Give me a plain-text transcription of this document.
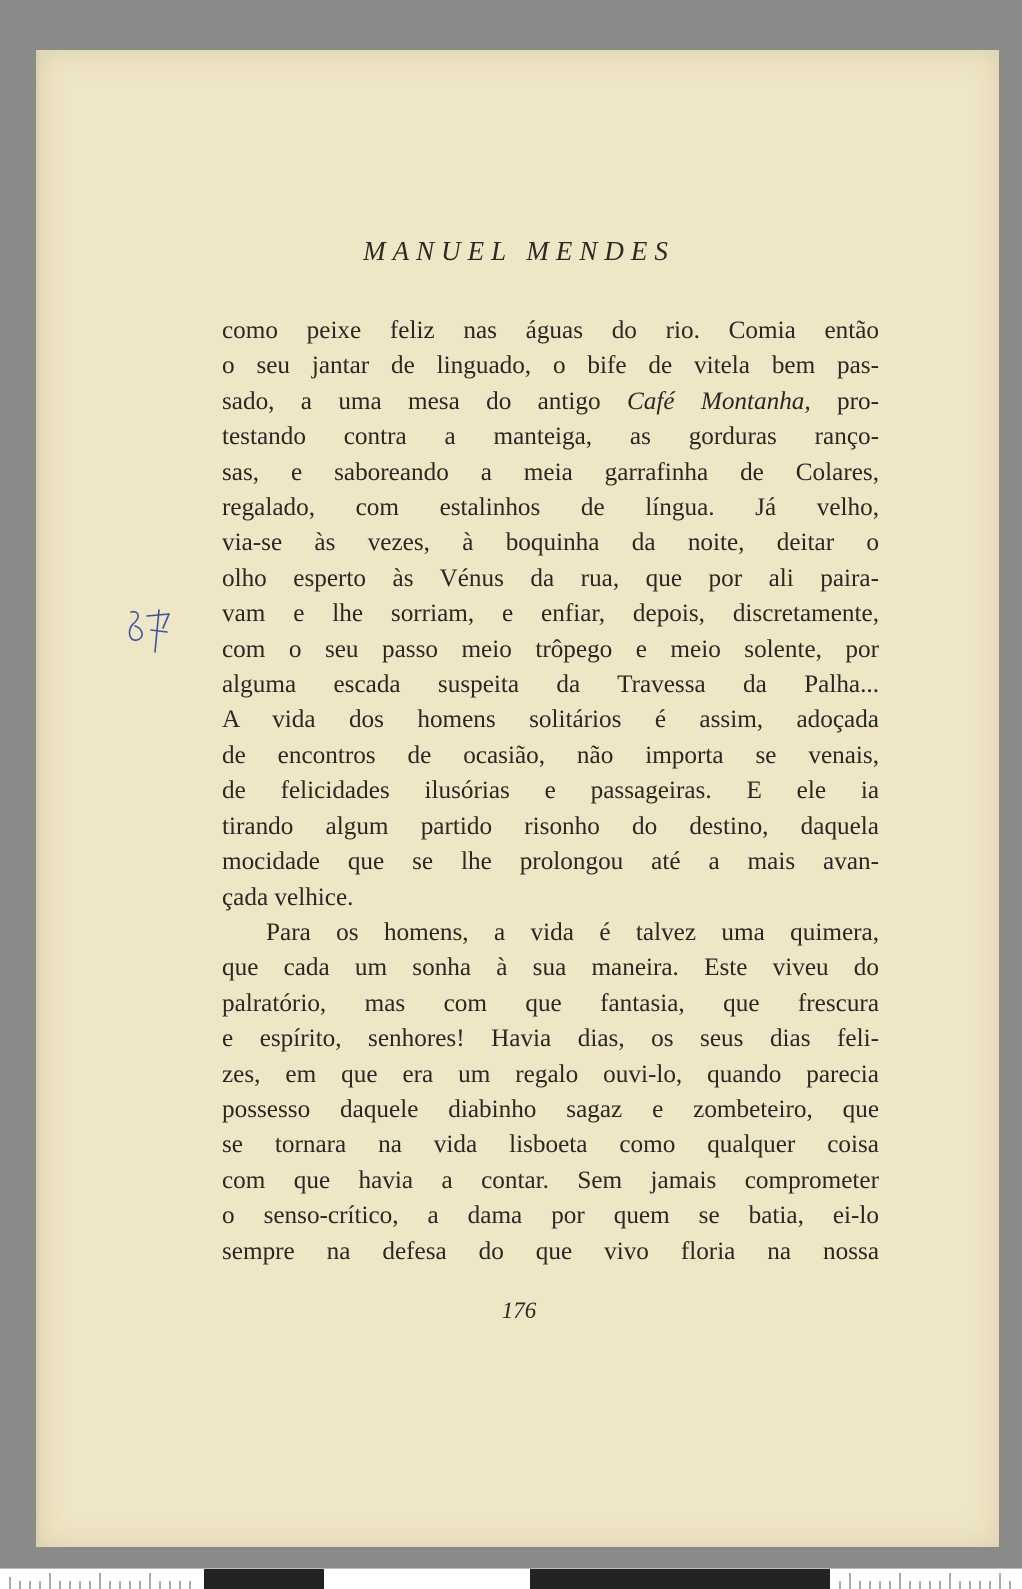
MANUEL MENDES
como peixe feliz nas águas do rio. Comia então
o seu jantar de linguado, o bife de vitela bem pas-
sado, a uma mesa do antigo Café Montanha, pro-
testando contra a manteiga, as gorduras ranço-
sas, e saboreando a meia garrafinha de Colares,
regalado, com estalinhos de língua. Já velho,
via-se às vezes, à boquinha da noite, deitar o
olho esperto às Vénus da rua, que por ali paira-
vam e lhe sorriam, e enfiar, depois, discretamente,
com o seu passo meio trôpego e meio solente, por
alguma escada suspeita da Travessa da Palha...
A vida dos homens solitários é assim, adoçada
de encontros de ocasião, não importa se venais,
de felicidades ilusórias e passageiras. E ele ia
tirando algum partido risonho do destino, daquela
mocidade que se lhe prolongou até a mais avan-
çada velhice.
Para os homens, a vida é talvez uma quimera,
que cada um sonha à sua maneira. Este viveu do
palratório, mas com que fantasia, que frescura
e espírito, senhores! Havia dias, os seus dias feli-
zes, em que era um regalo ouvi-lo, quando parecia
possesso daquele diabinho sagaz e zombeteiro, que
se tornara na vida lisboeta como qualquer coisa
com que havia a contar. Sem jamais comprometer
o senso-crítico, a dama por quem se batia, ei-lo
sempre na defesa do que vivo floria na nossa
176
